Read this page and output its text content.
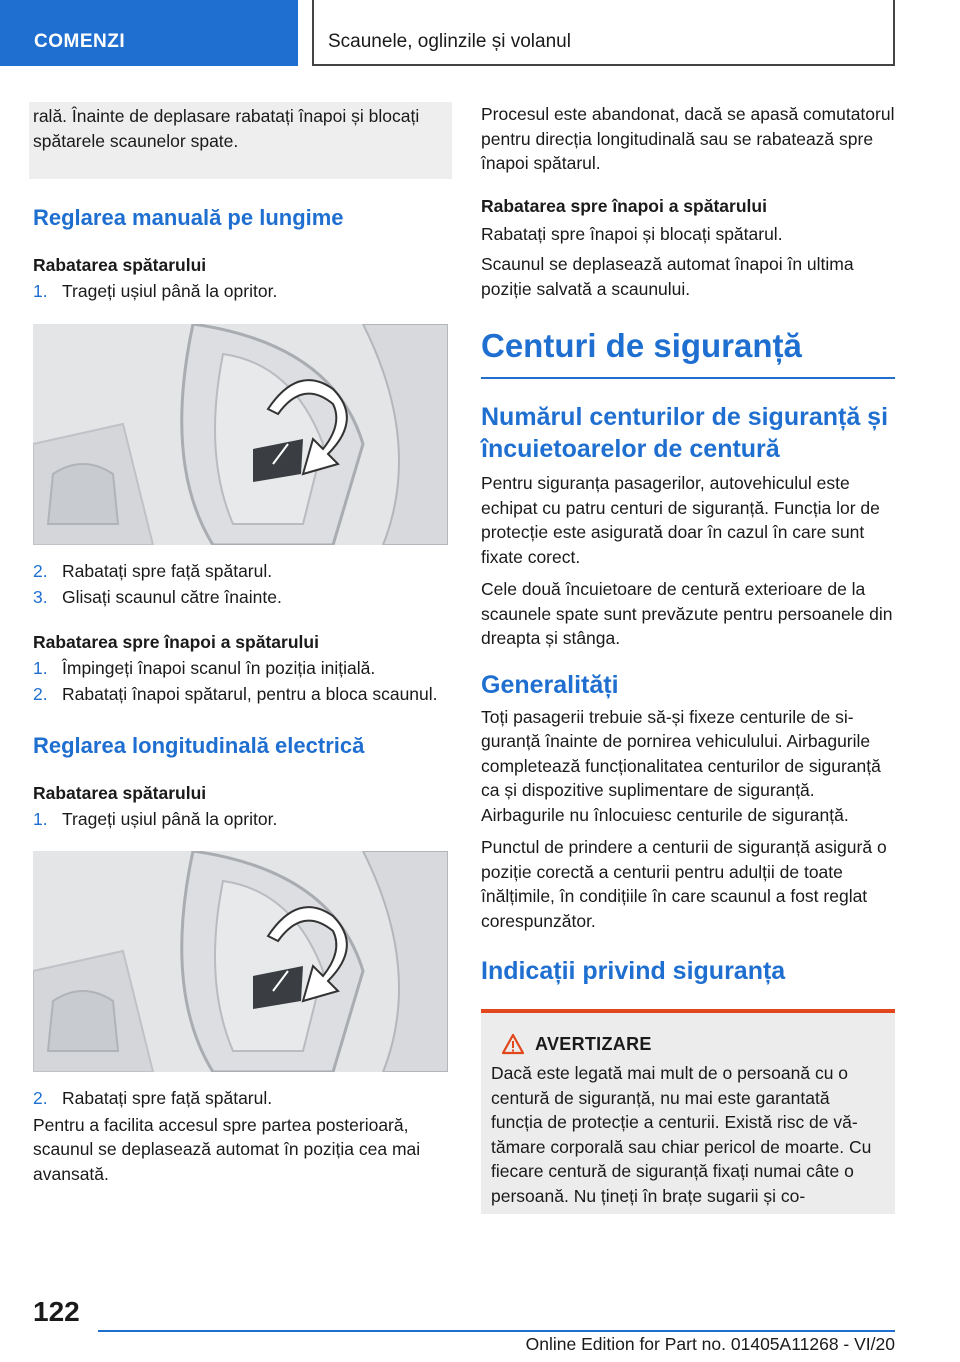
COMENZI	Scaunele, oglinzile și volanul

rală. Înainte de deplasare rabatați înapoi și blocați spătarele scaunelor spate.

Reglarea manuală pe lungime
Rabatarea spătarului
1. Trageți ușiul până la opritor.
2. Rabatați spre față spătarul.
3. Glisați scaunul către înainte.
Rabatarea spre înapoi a spătarului
1. Împingeți înapoi scanul în poziția inițială.
2. Rabatați înapoi spătarul, pentru a bloca scaunul.
Reglarea longitudinală electrică
Rabatarea spătarului
1. Trageți ușiul până la opritor.
2. Rabatați spre față spătarul.

Pentru a facilita accesul spre partea posterioară, scaunul se deplasează automat în poziția cea mai avansată.

Procesul este abandonat, dacă se apasă comutatorul pentru direcția longitudinală sau se rabatează spre înapoi spătarul.

Rabatarea spre înapoi a spătarului

Rabatați spre înapoi și blocați spătarul.

Scaunul se deplasează automat înapoi în ultima poziție salvată a scaunului.

Centuri de siguranță
Numărul centurilor de siguranță și încuietoarelor de centură

Pentru siguranța pasagerilor, autovehiculul este echipat cu patru centuri de siguranță. Funcția lor de protecție este asigurată doar în cazul în care sunt fixate corect.

Cele două încuietoare de centură exterioare de la scaunele spate sunt prevăzute pentru persoanele din dreapta și stânga.

Generalități

Toți pasagerii trebuie să-și fixeze centurile de siguranță înainte de pornirea vehiculului. Airbagurile completează funcționalitatea centurilor de siguranță ca și dispozitive suplimentare de siguranță. Airbagurile nu înlocuiesc centurile de siguranță.

Punctul de prindere a centurii de siguranță asigură o poziție corectă a centurii pentru adulții de toate înălțimile, în condițiile în care scaunul a fost reglat corespunzător.

Indicații privind siguranța
AVERTIZARE

Dacă este legată mai mult de o persoană cu o centură de siguranță, nu mai este garantată funcția de protecție a centurii. Există risc de vătămare corporală sau chiar pericol de moarte. Cu fiecare centură de siguranță fixați numai câte o persoană. Nu țineți în brațe sugarii și co-

122
Online Edition for Part no. 01405A11268 - VI/20
